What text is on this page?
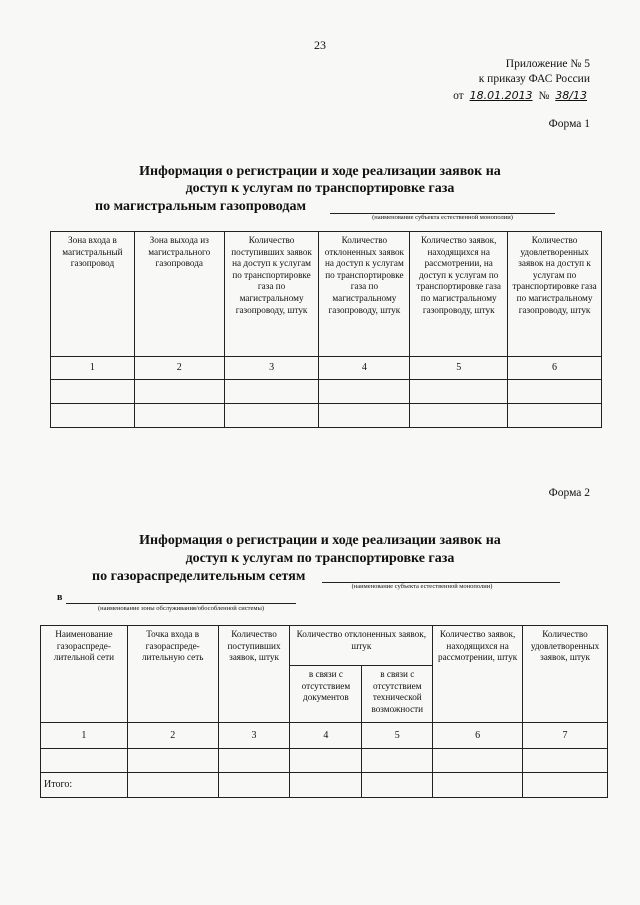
23
Приложение № 5
к приказу ФАС России
от 18.01.2013 № 38/13
Форма 1
Информация о регистрации и ходе реализации заявок на
доступ к услугам по транспортировке газа
по магистральным газопроводам
(наименование субъекта естественной монополии)
Зона входа в магистральный газопровод	Зона выхода из магистрального газопровода	Количество поступивших заявок на доступ к услугам по транспортировке газа по магистральному газопроводу, штук	Количество отклоненных заявок на доступ к услугам по транспортировке газа по магистральному газопроводу, штук	Количество заявок, находящихся на рассмотрении, на доступ к услугам по транспортировке газа по магистральному газопроводу, штук	Количество удовлетворенных заявок на доступ к услугам по транспортировке газа по магистральному газопроводу, штук
1	2	3	4	5	6

Форма 2
Информация о регистрации и ходе реализации заявок на
доступ к услугам по транспортировке газа
по газораспределительным сетям
(наименование субъекта естественной монополии)
в
(наименование зоны обслуживания/обособленной системы)
Наименование газораспреде-лительной сети	Точка входа в газораспреде-лительную сеть	Количество поступивших заявок, штук	Количество отклоненных заявок, штук		Количество заявок, находящихся на рассмотрении, штук	Количество удовлетворенных заявок, штук
			в связи с отсутствием документов	в связи с отсутствием технической возможности		
1	2	3	4	5	6	7

Итого:						
